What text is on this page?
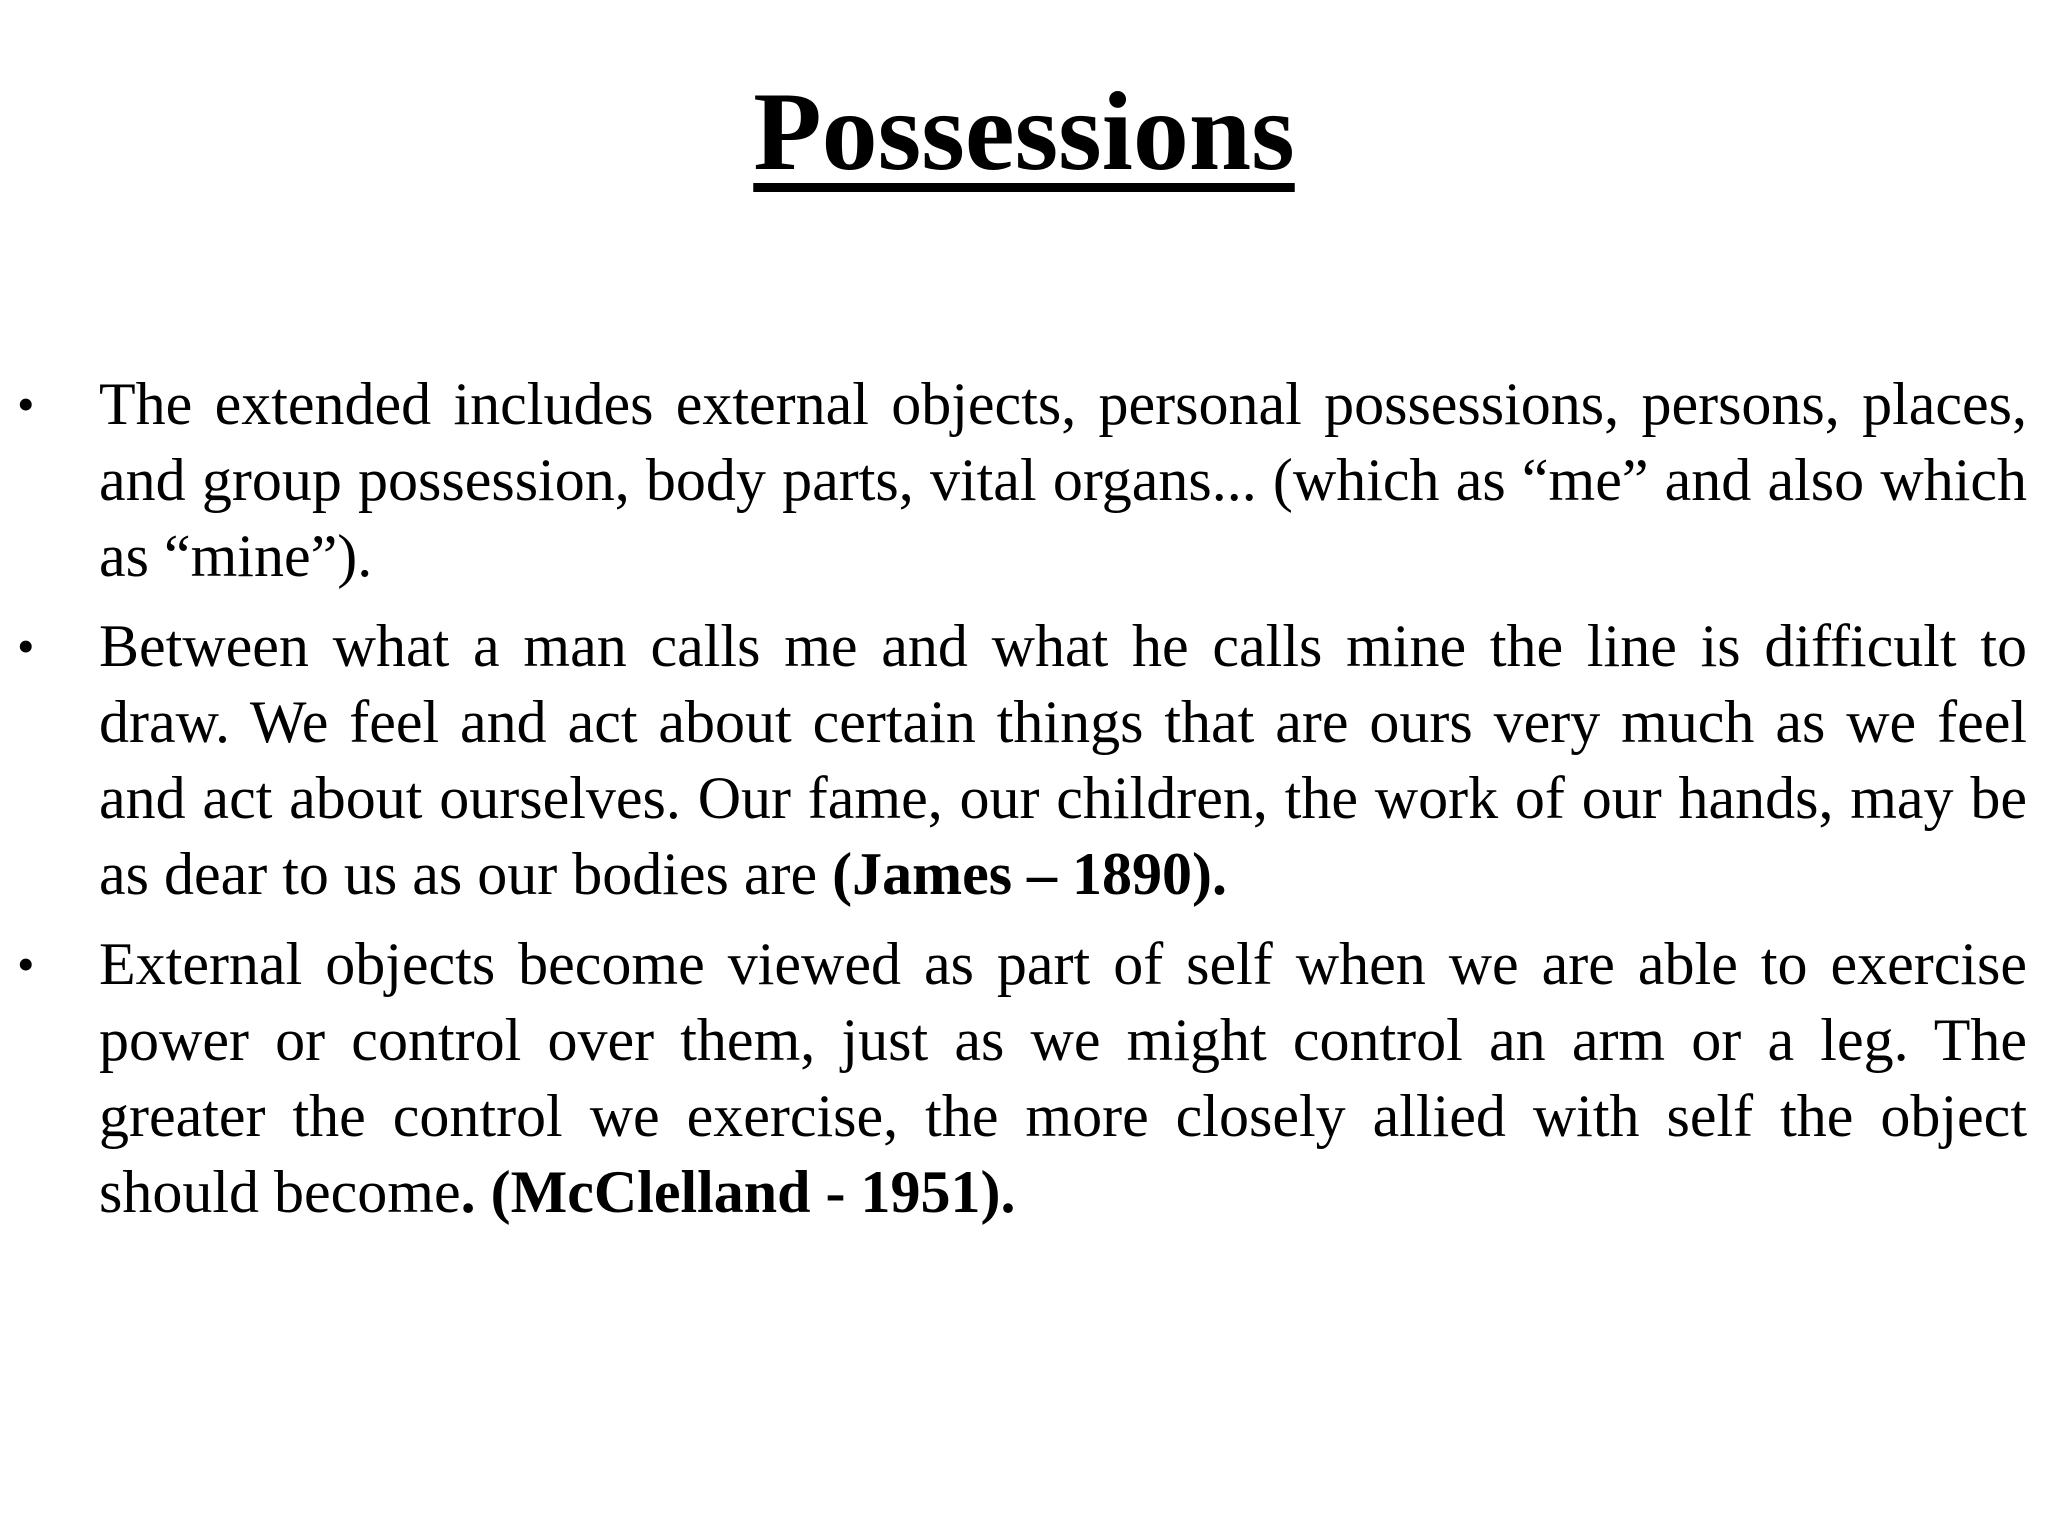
Possessions
•	The extended includes external objects, personal possessions, persons, places, and group possession, body parts, vital organs... (which as “me” and also which as “mine”).
•	Between what a man calls me and what he calls mine the line is difficult to draw. We feel and act about certain things that are ours very much as we feel and act about ourselves. Our fame, our children, the work of our hands, may be as dear to us as our bodies are (James – 1890).
•	External objects become viewed as part of self when we are able to exercise power or control over them, just as we might control an arm or a leg. The greater the control we exercise, the more closely allied with self the object should become. (McClelland - 1951).
